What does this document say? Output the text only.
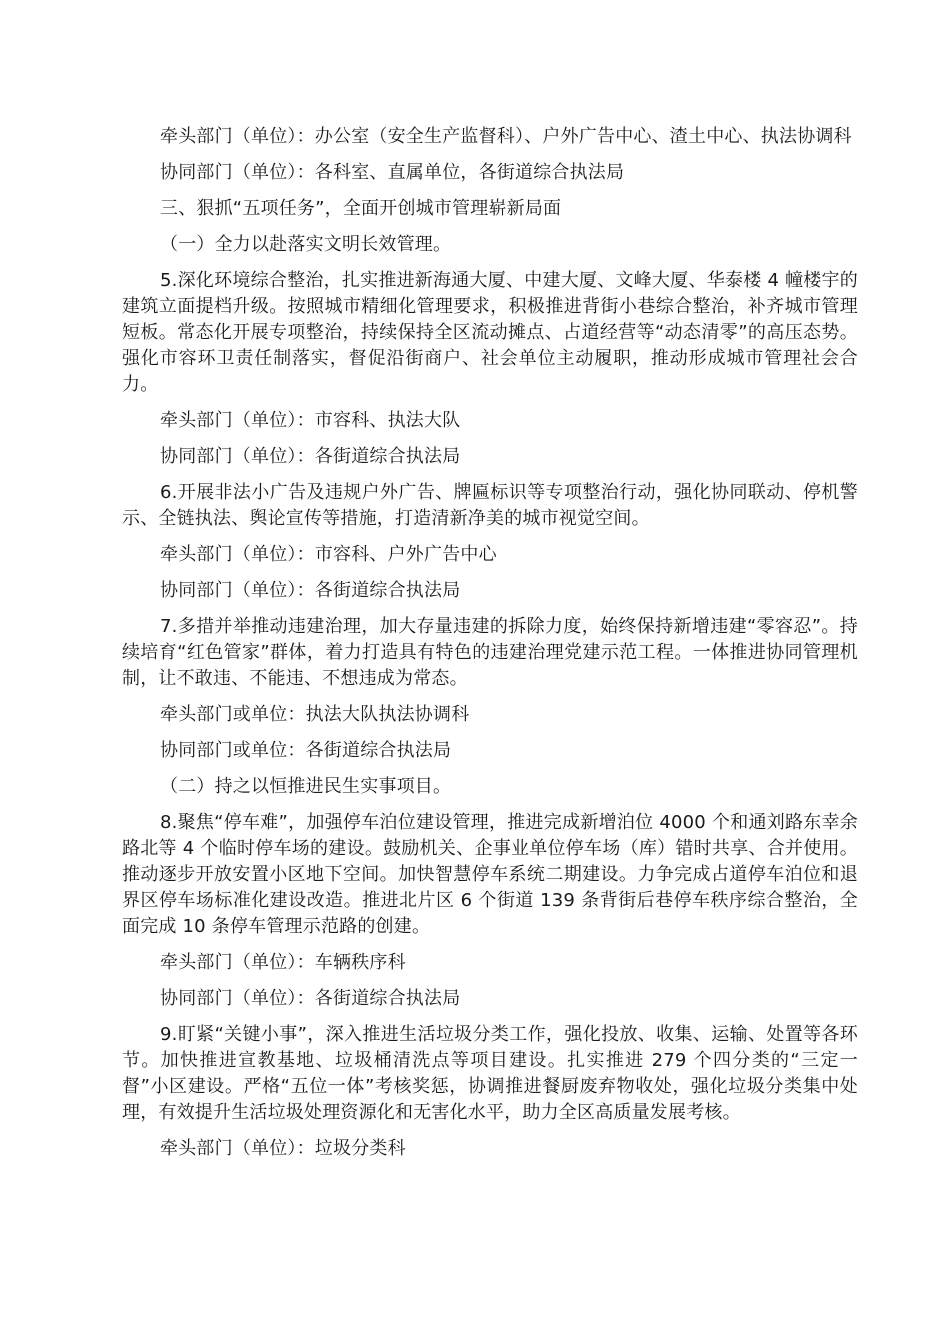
牵头部门（单位）：办公室（安全生产监督科）、户外广告中心、渣土中心、执法协调科

协同部门（单位）：各科室、直属单位，各街道综合执法局

三、狠抓“五项任务”，全面开创城市管理崭新局面

（一）全力以赴落实文明长效管理。

5.深化环境综合整治，扎实推进新海通大厦、中建大厦、文峰大厦、华泰楼 4 幢楼宇的建筑立面提档升级。按照城市精细化管理要求，积极推进背街小巷综合整治，补齐城市管理短板。常态化开展专项整治，持续保持全区流动摊点、占道经营等“动态清零”的高压态势。强化市容环卫责任制落实，督促沿街商户、社会单位主动履职，推动形成城市管理社会合力。

牵头部门（单位）：市容科、执法大队

协同部门（单位）：各街道综合执法局

6.开展非法小广告及违规户外广告、牌匾标识等专项整治行动，强化协同联动、停机警示、全链执法、舆论宣传等措施，打造清新净美的城市视觉空间。

牵头部门（单位）：市容科、户外广告中心

协同部门（单位）：各街道综合执法局

7.多措并举推动违建治理，加大存量违建的拆除力度，始终保持新增违建“零容忍”。持续培育“红色管家”群体，着力打造具有特色的违建治理党建示范工程。一体推进协同管理机制，让不敢违、不能违、不想违成为常态。

牵头部门或单位：执法大队执法协调科

协同部门或单位：各街道综合执法局

（二）持之以恒推进民生实事项目。

8.聚焦“停车难”，加强停车泊位建设管理，推进完成新增泊位 4000 个和通刘路东幸余路北等 4 个临时停车场的建设。鼓励机关、企事业单位停车场（库）错时共享、合并使用。推动逐步开放安置小区地下空间。加快智慧停车系统二期建设。力争完成占道停车泊位和退界区停车场标准化建设改造。推进北片区 6 个街道 139 条背街后巷停车秩序综合整治，全面完成 10 条停车管理示范路的创建。

牵头部门（单位）：车辆秩序科

协同部门（单位）：各街道综合执法局

9.盯紧“关键小事”，深入推进生活垃圾分类工作，强化投放、收集、运输、处置等各环节。加快推进宣教基地、垃圾桶清洗点等项目建设。扎实推进 279 个四分类的“三定一督”小区建设。严格“五位一体”考核奖惩，协调推进餐厨废弃物收处，强化垃圾分类集中处理，有效提升生活垃圾处理资源化和无害化水平，助力全区高质量发展考核。

牵头部门（单位）：垃圾分类科
